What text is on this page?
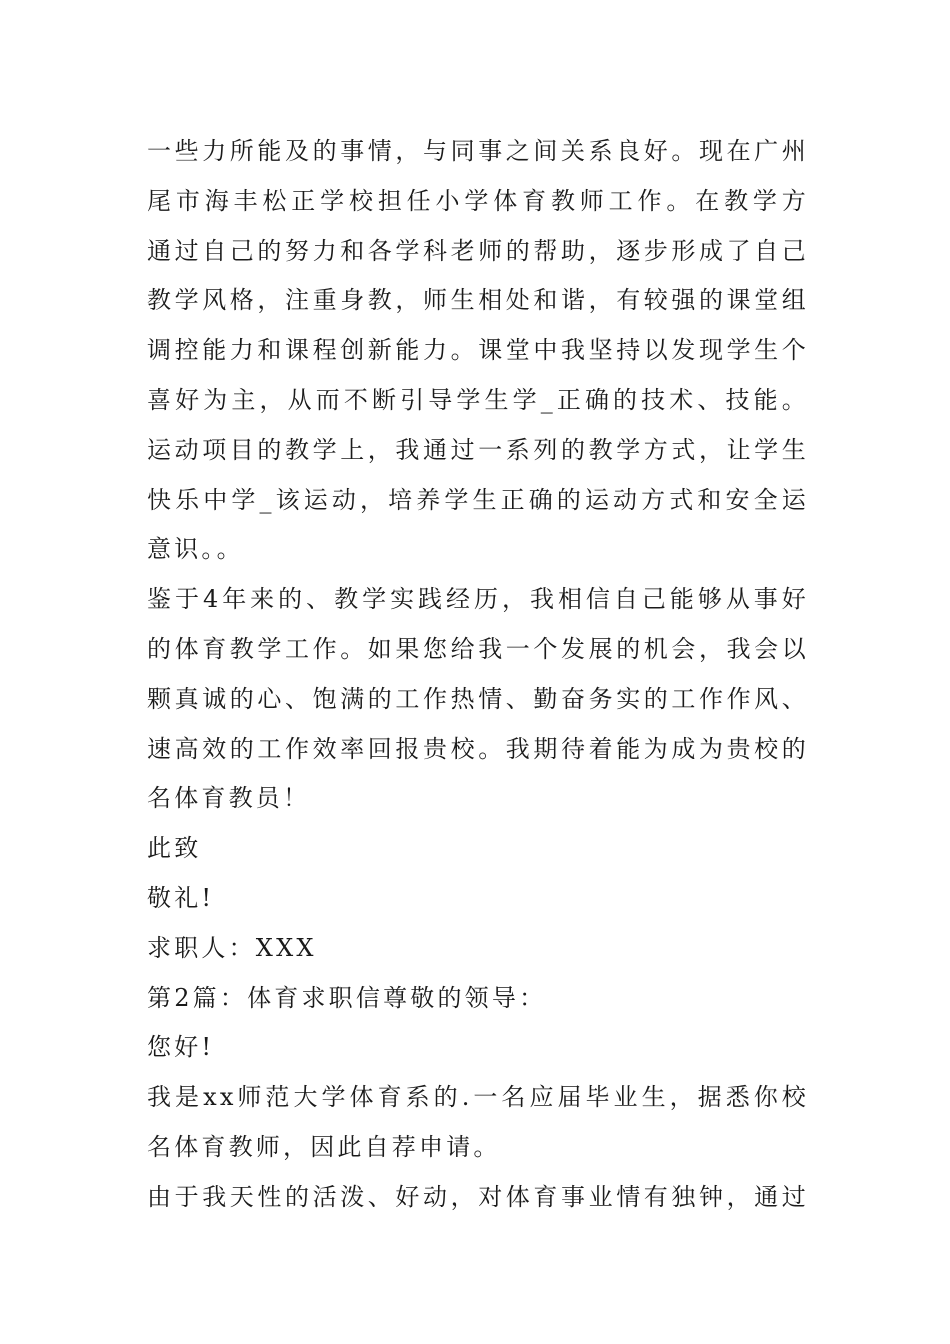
一些力所能及的事情，与同事之间关系良好。现在广州
尾市海丰松正学校担任小学体育教师工作。在教学方
通过自己的努力和各学科老师的帮助，逐步形成了自己
教学风格，注重身教，师生相处和谐，有较强的课堂组
调控能力和课程创新能力。课堂中我坚持以发现学生个
喜好为主，从而不断引导学生学_正确的技术、技能。
运动项目的教学上，我通过一系列的教学方式，让学生
快乐中学_该运动，培养学生正确的运动方式和安全运
意识。。
鉴于4年来的、教学实践经历，我相信自己能够从事好
的体育教学工作。如果您给我一个发展的机会，我会以
颗真诚的心、饱满的工作热情、勤奋务实的工作作风、
速高效的工作效率回报贵校。我期待着能为成为贵校的
名体育教员！
此致
敬礼!
求职人：XXX
第2篇：体育求职信尊敬的领导：
您好!
我是xx师范大学体育系的.一名应届毕业生，据悉你校
名体育教师，因此自荐申请。
由于我天性的活泼、好动，对体育事业情有独钟，通过
